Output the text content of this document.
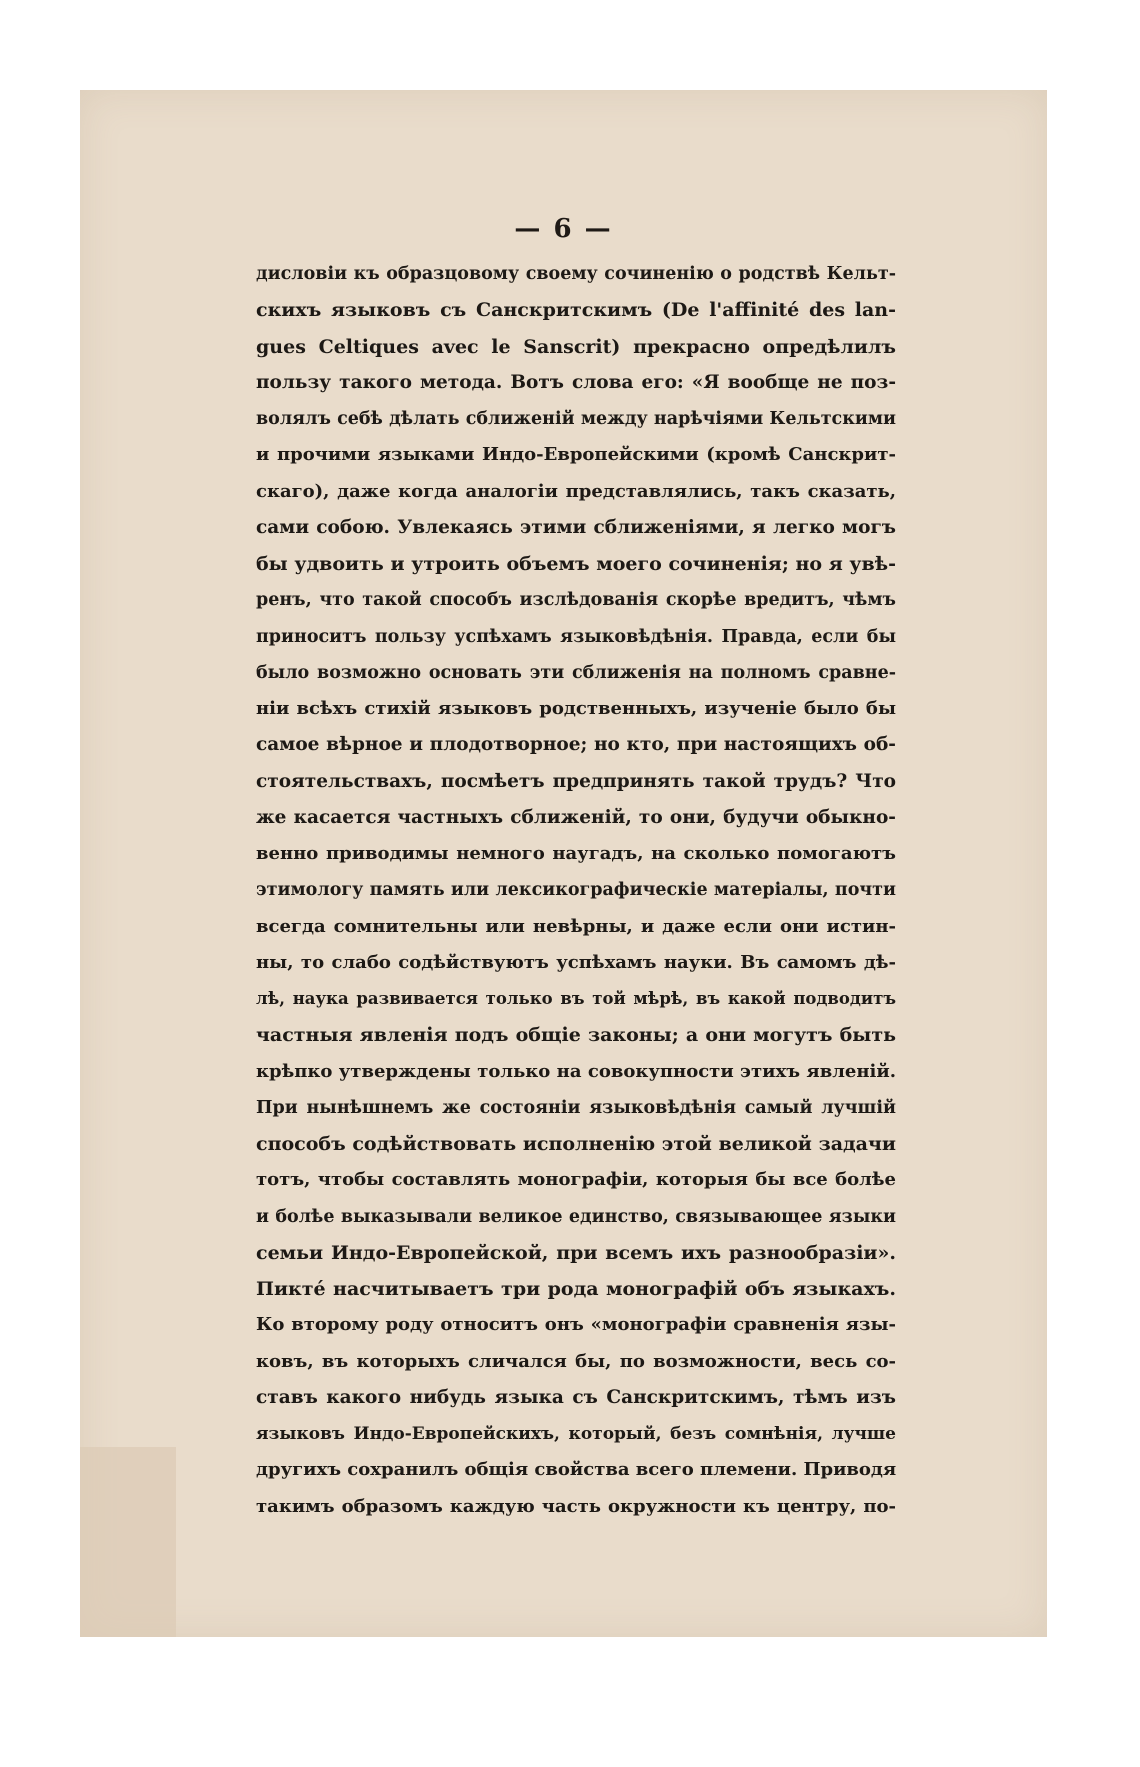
— 6 —
дисловіи къ образцовому своему сочиненію о родствѣ Кельт-
скихъ языковъ съ Санскритскимъ (De l'affinité des lan-
gues Celtiques avec le Sanscrit) прекрасно опредѣлилъ
пользу такого метода. Вотъ слова его: «Я вообще не поз-
волялъ себѣ дѣлать сближеній между нарѣчіями Кельтскими
и прочими языками Индо-Европейскими (кромѣ Санскрит-
скаго), даже когда аналогіи представлялись, такъ сказать,
сами собою. Увлекаясь этими сближеніями, я легко могъ
бы удвоить и утроить объемъ моего сочиненія; но я увѣ-
ренъ, что такой способъ изслѣдованія скорѣе вредитъ, чѣмъ
приноситъ пользу успѣхамъ языковѣдѣнія. Правда, если бы
было возможно основать эти сближенія на полномъ сравне-
ніи всѣхъ стихій языковъ родственныхъ, изученіе было бы
самое вѣрное и плодотворное; но кто, при настоящихъ об-
стоятельствахъ, посмѣетъ предпринять такой трудъ? Что
же касается частныхъ сближеній, то они, будучи обыкно-
венно приводимы немного наугадъ, на сколько помогаютъ
этимологу память или лексикографическіе матеріалы, почти
всегда сомнительны или невѣрны, и даже если они истин-
ны, то слабо содѣйствуютъ успѣхамъ науки. Въ самомъ дѣ-
лѣ, наука развивается только въ той мѣрѣ, въ какой подводитъ
частныя явленія подъ общіе законы; а они могутъ быть
крѣпко утверждены только на совокупности этихъ явленій.
При нынѣшнемъ же состояніи языковѣдѣнія самый лучшій
способъ содѣйствовать исполненію этой великой задачи
тотъ, чтобы составлять монографіи, которыя бы все болѣе
и болѣе выказывали великое единство, связывающее языки
семьи Индо-Европейской, при всемъ ихъ разнообразіи».
Пиктé насчитываетъ три рода монографій объ языкахъ.
Ко второму роду относитъ онъ «монографіи сравненія язы-
ковъ, въ которыхъ сличался бы, по возможности, весь со-
ставъ какого нибудь языка съ Санскритскимъ, тѣмъ изъ
языковъ Индо-Европейскихъ, который, безъ сомнѣнія, лучше
другихъ сохранилъ общія свойства всего племени. Приводя
такимъ образомъ каждую часть окружности къ центру, по-
